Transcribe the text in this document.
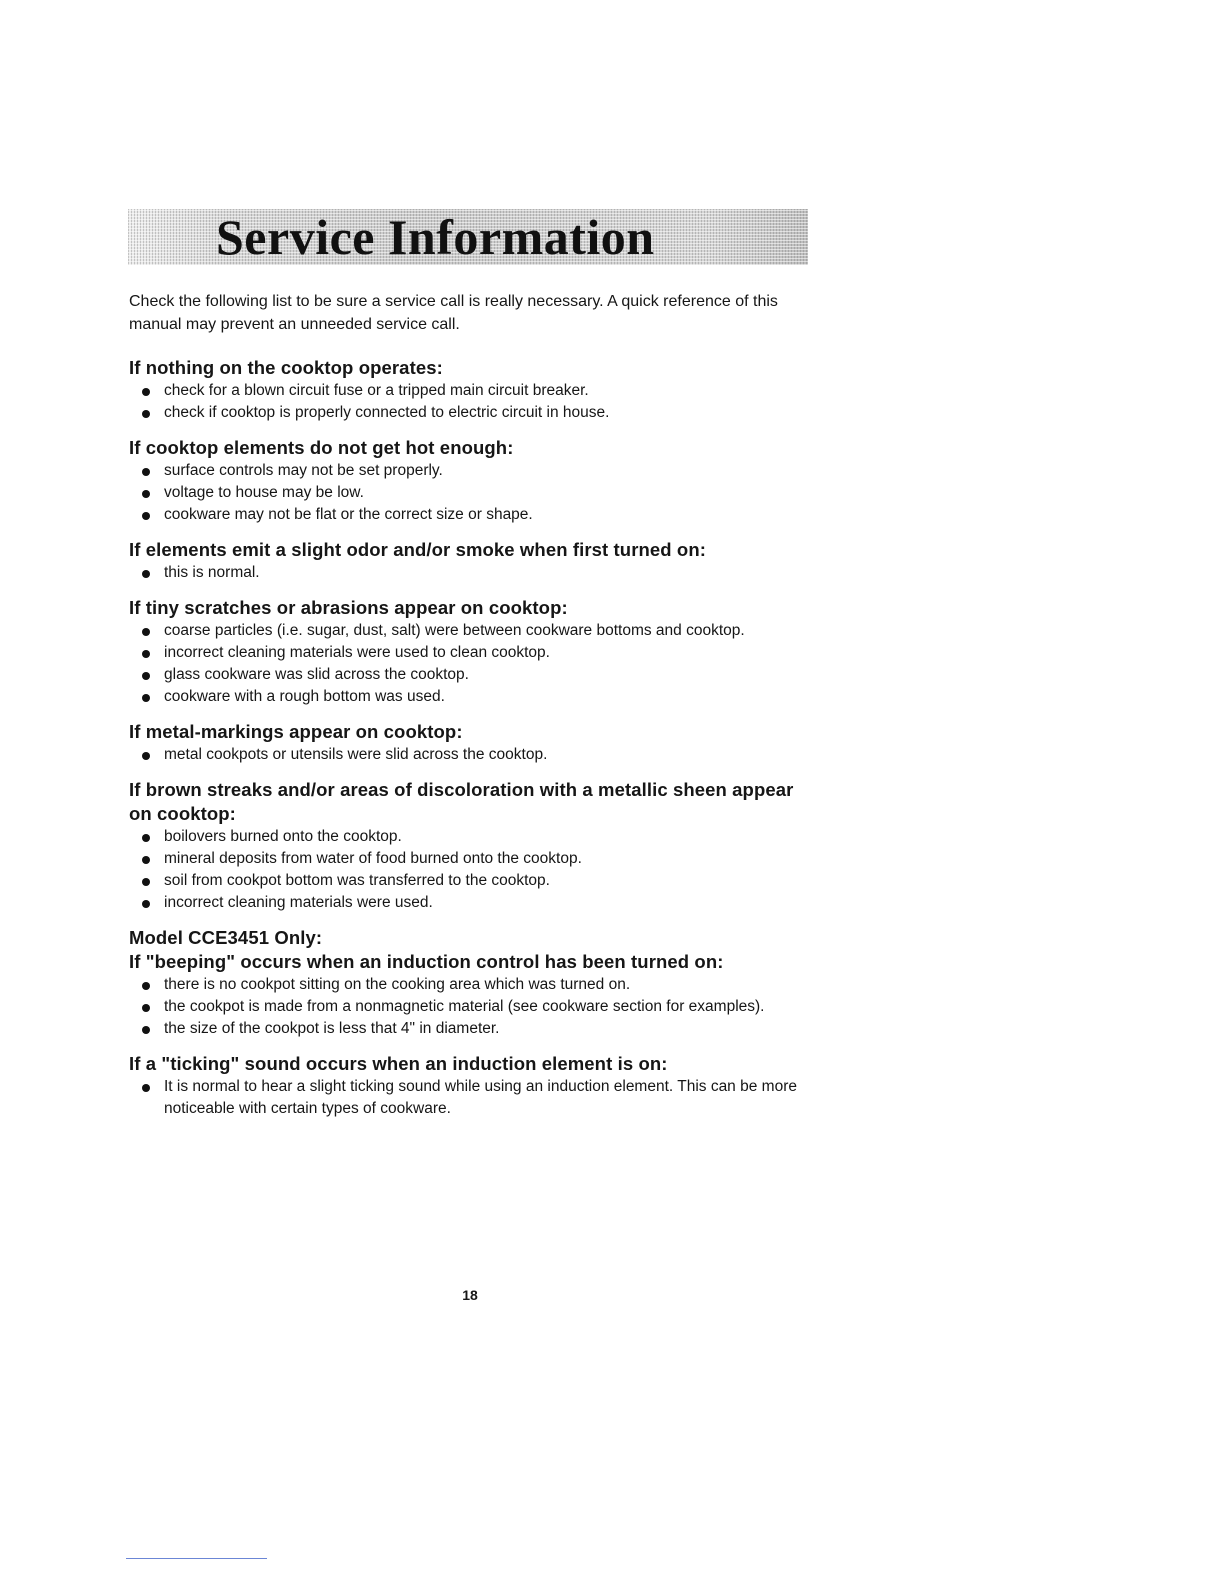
Service Information

Check the following list to be sure a service call is really necessary. A quick reference of this manual may prevent an unneeded service call.

If nothing on the cooktop operates:

check for a blown circuit fuse or a tripped main circuit breaker.
check if cooktop is properly connected to electric circuit in house.

If cooktop elements do not get hot enough:

surface controls may not be set properly.
voltage to house may be low.
cookware may not be flat or the correct size or shape.

If elements emit a slight odor and/or smoke when first turned on:

this is normal.

If tiny scratches or abrasions appear on cooktop:

coarse particles (i.e. sugar, dust, salt) were between cookware bottoms and cooktop.
incorrect cleaning materials were used to clean cooktop.
glass cookware was slid across the cooktop.
cookware with a rough bottom was used.

If metal-markings appear on cooktop:

metal cookpots or utensils were slid across the cooktop.

If brown streaks and/or areas of discoloration with a metallic sheen appear on cooktop:

boilovers burned onto the cooktop.
mineral deposits from water of food burned onto the cooktop.
soil from cookpot bottom was transferred to the cooktop.
incorrect cleaning materials were used.

Model CCE3451 Only:

If "beeping" occurs when an induction control has been turned on:

there is no cookpot sitting on the cooking area which was turned on.
the cookpot is made from a nonmagnetic material (see cookware section for examples).
the size of the cookpot is less that 4" in diameter.

If a "ticking" sound occurs when an induction element is on:

It is normal to hear a slight ticking sound while using an induction element. This can be more noticeable with certain types of cookware.
18
